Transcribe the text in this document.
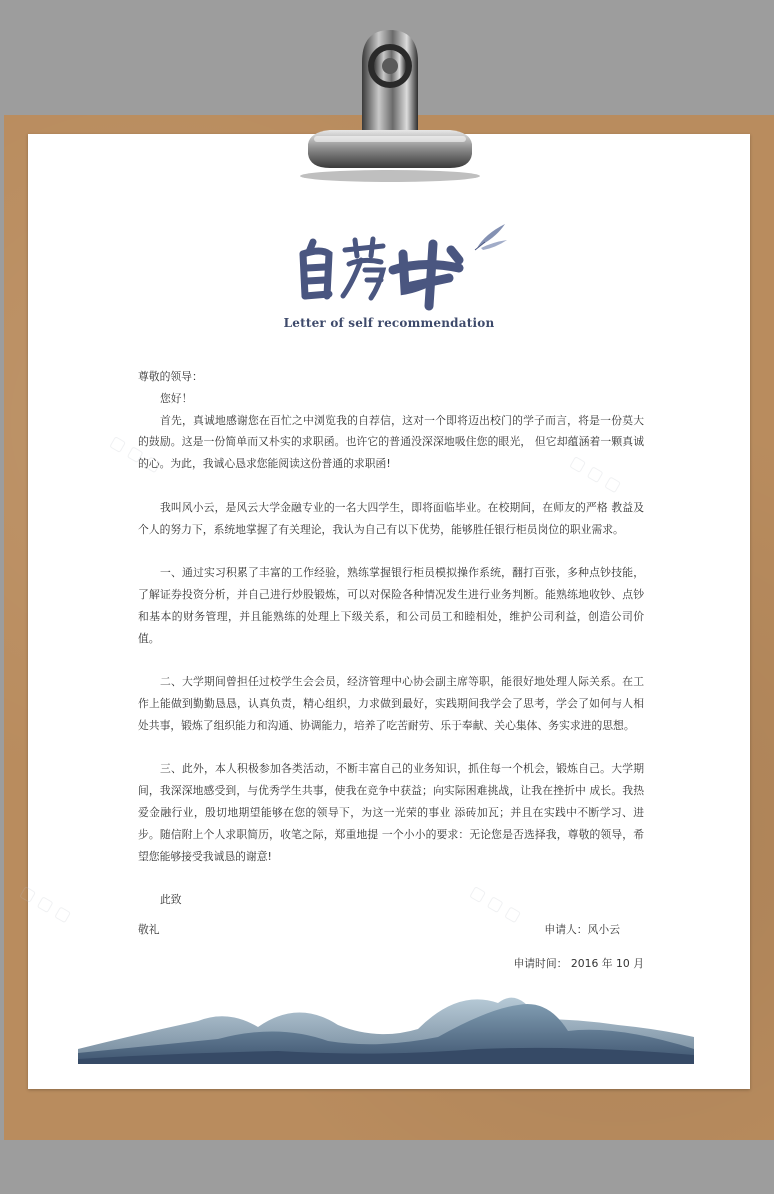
▢ ▢ ▢	▢ ▢ ▢
▢ ▢ ▢	▢ ▢ ▢
Letter of self recommendation

尊敬的领导：

您好！

首先，真诚地感谢您在百忙之中浏览我的自荐信，这对一个即将迈出校门的学子而言，将是一份莫大的鼓励。这是一份简单而又朴实的求职函。也许它的普通没深深地吸住您的眼光， 但它却蕴涵着一颗真诚的心。为此，我诚心恳求您能阅读这份普通的求职函!

我叫风小云，是风云大学金融专业的一名大四学生，即将面临毕业。在校期间，在师友的严格 教益及个人的努力下，系统地掌握了有关理论，我认为自己有以下优势，能够胜任银行柜员岗位的职业需求。

一、通过实习积累了丰富的工作经验，熟练掌握银行柜员模拟操作系统，翻打百张，多种点钞技能，了解证券投资分析，并自己进行炒股锻炼，可以对保险各种情况发生进行业务判断。能熟练地收钞、点钞和基本的财务管理，并且能熟练的处理上下级关系，和公司员工和睦相处，维护公司利益，创造公司价值。

二、大学期间曾担任过校学生会会员，经济管理中心协会副主席等职，能很好地处理人际关系。在工作上能做到勤勤恳恳，认真负责，精心组织，力求做到最好，实践期间我学会了思考，学会了如何与人相处共事，锻炼了组织能力和沟通、协调能力，培养了吃苦耐劳、乐于奉献、关心集体、务实求进的思想。

三、此外，本人积极参加各类活动，不断丰富自己的业务知识，抓住每一个机会，锻炼自己。大学期间，我深深地感受到，与优秀学生共事，使我在竞争中获益；向实际困难挑战，让我在挫折中 成长。我热爱金融行业，殷切地期望能够在您的领导下，为这一光荣的事业 添砖加瓦；并且在实践中不断学习、进步。随信附上个人求职简历，收笔之际，郑重地提 一个小小的要求：无论您是否选择我，尊敬的领导，希望您能够接受我诚恳的谢意!

此致

敬礼	申请人：风小云
申请时间： 2016 年 10 月
